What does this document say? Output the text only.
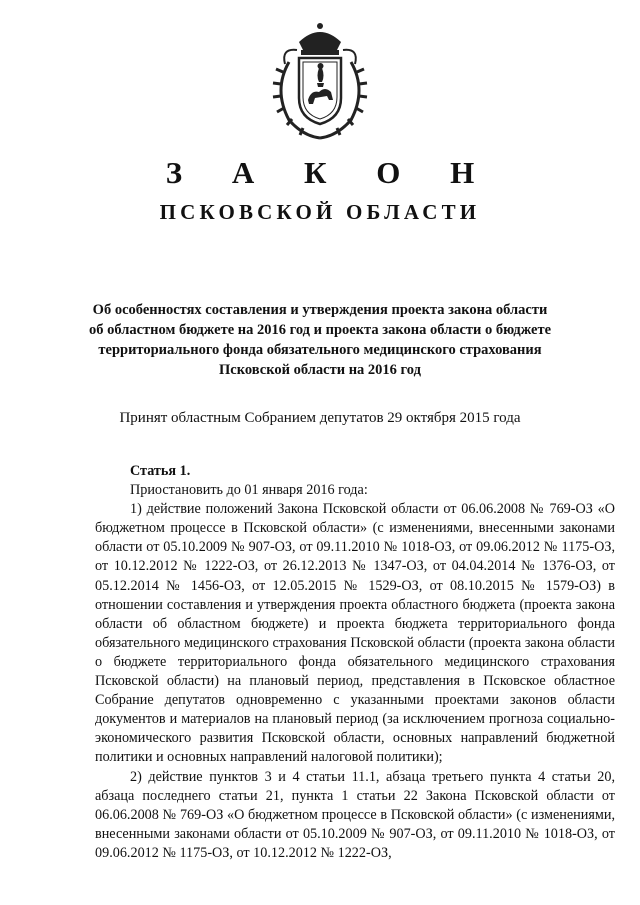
З А К О Н
ПСКОВСКОЙ ОБЛАСТИ
Об особенностях составления и утверждения проекта закона области
об областном бюджете на 2016 год и проекта закона области о бюджете
территориального фонда обязательного медицинского страхования
Псковской области на 2016 год
Принят областным Собранием депутатов 29 октября 2015 года

Статья 1.

Приостановить до 01 января 2016 года:

1) действие положений Закона Псковской области от 06.06.2008 № 769-ОЗ «О бюджетном процессе в Псковской области» (с изменениями, внесенными законами области от 05.10.2009 № 907-ОЗ, от 09.11.2010 № 1018-ОЗ, от 09.06.2012 № 1175-ОЗ, от 10.12.2012 № 1222-ОЗ, от 26.12.2013 № 1347-ОЗ, от 04.04.2014 № 1376-ОЗ, от 05.12.2014 № 1456-ОЗ, от 12.05.2015 № 1529-ОЗ, от 08.10.2015 № 1579-ОЗ) в отношении составления и утверждения проекта областного бюджета (проекта закона области об областном бюджете) и проекта бюджета территориального фонда обязательного медицинского страхования Псковской области (проекта закона области о бюджете территориального фонда обязательного медицинского страхования Псковской области) на плановый период, представления в Псковское областное Собрание депутатов одновременно с указанными проектами законов области документов и материалов на плановый период (за исключением прогноза социально-экономического развития Псковской области, основных направлений бюджетной политики и основных направлений налоговой политики);

2) действие пунктов 3 и 4 статьи 11.1, абзаца третьего пункта 4 статьи 20, абзаца последнего статьи 21, пункта 1 статьи 22 Закона Псковской области от 06.06.2008 № 769-ОЗ «О бюджетном процессе в Псковской области» (с изменениями, внесенными законами области от 05.10.2009 № 907-ОЗ, от 09.11.2010 № 1018-ОЗ, от 09.06.2012 № 1175-ОЗ, от 10.12.2012 № 1222-ОЗ,
